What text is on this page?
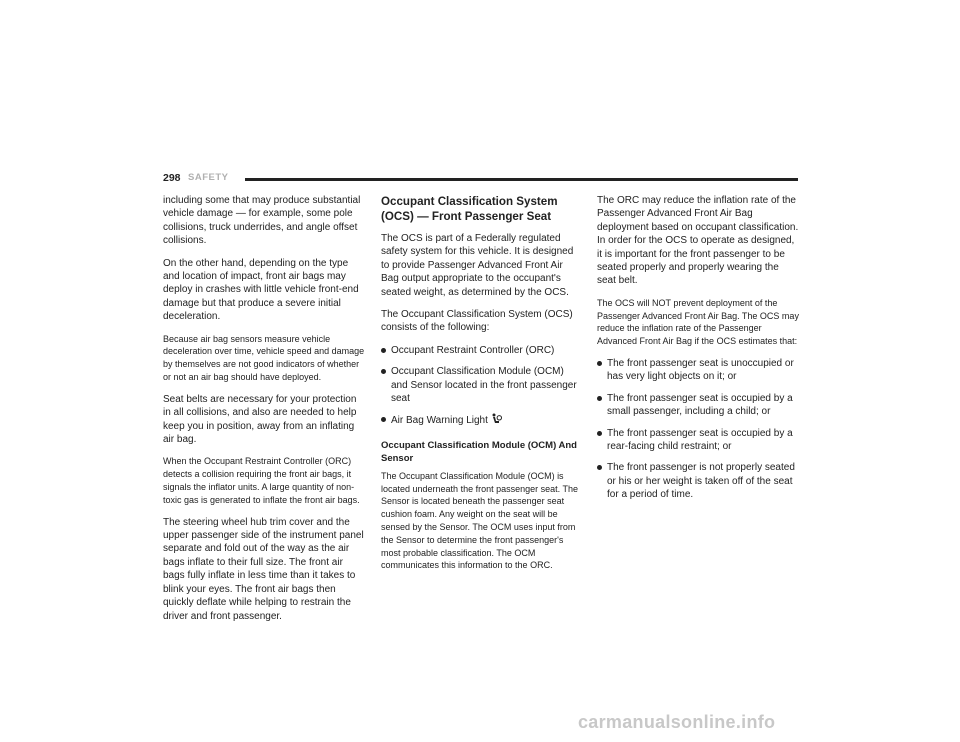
298 SAFETY

including some that may produce substantial vehicle damage — for example, some pole collisions, truck underrides, and angle offset collisions.

On the other hand, depending on the type and location of impact, front air bags may deploy in crashes with little vehicle front-end damage but that produce a severe initial deceleration.

Because air bag sensors measure vehicle deceleration over time, vehicle speed and damage by themselves are not good indicators of whether or not an air bag should have deployed.

Seat belts are necessary for your protection in all collisions, and also are needed to help keep you in position, away from an inflating air bag.

When the Occupant Restraint Controller (ORC) detects a collision requiring the front air bags, it signals the inflator units. A large quantity of non-toxic gas is generated to inflate the front air bags.

The steering wheel hub trim cover and the upper passenger side of the instrument panel separate and fold out of the way as the air bags inflate to their full size. The front air bags fully inflate in less time than it takes to blink your eyes. The front air bags then quickly deflate while helping to restrain the driver and front passenger.

Occupant Classification System (OCS) — Front Passenger Seat

The OCS is part of a Federally regulated safety system for this vehicle. It is designed to provide Passenger Advanced Front Air Bag output appropriate to the occupant's seated weight, as determined by the OCS.

The Occupant Classification System (OCS) consists of the following:

Occupant Restraint Controller (ORC)
Occupant Classification Module (OCM) and Sensor located in the front passenger seat
Air Bag Warning Light
Occupant Classification Module (OCM) And Sensor

The Occupant Classification Module (OCM) is located underneath the front passenger seat. The Sensor is located beneath the passenger seat cushion foam. Any weight on the seat will be sensed by the Sensor. The OCM uses input from the Sensor to determine the front passenger's most probable classification. The OCM communicates this information to the ORC.

The ORC may reduce the inflation rate of the Passenger Advanced Front Air Bag deployment based on occupant classification. In order for the OCS to operate as designed, it is important for the front passenger to be seated properly and properly wearing the seat belt.

The OCS will NOT prevent deployment of the Passenger Advanced Front Air Bag. The OCS may reduce the inflation rate of the Passenger Advanced Front Air Bag if the OCS estimates that:

The front passenger seat is unoccupied or has very light objects on it; or
The front passenger seat is occupied by a small passenger, including a child; or
The front passenger seat is occupied by a rear-facing child restraint; or
The front passenger is not properly seated or his or her weight is taken off of the seat for a period of time.
carmanualsonline.info
